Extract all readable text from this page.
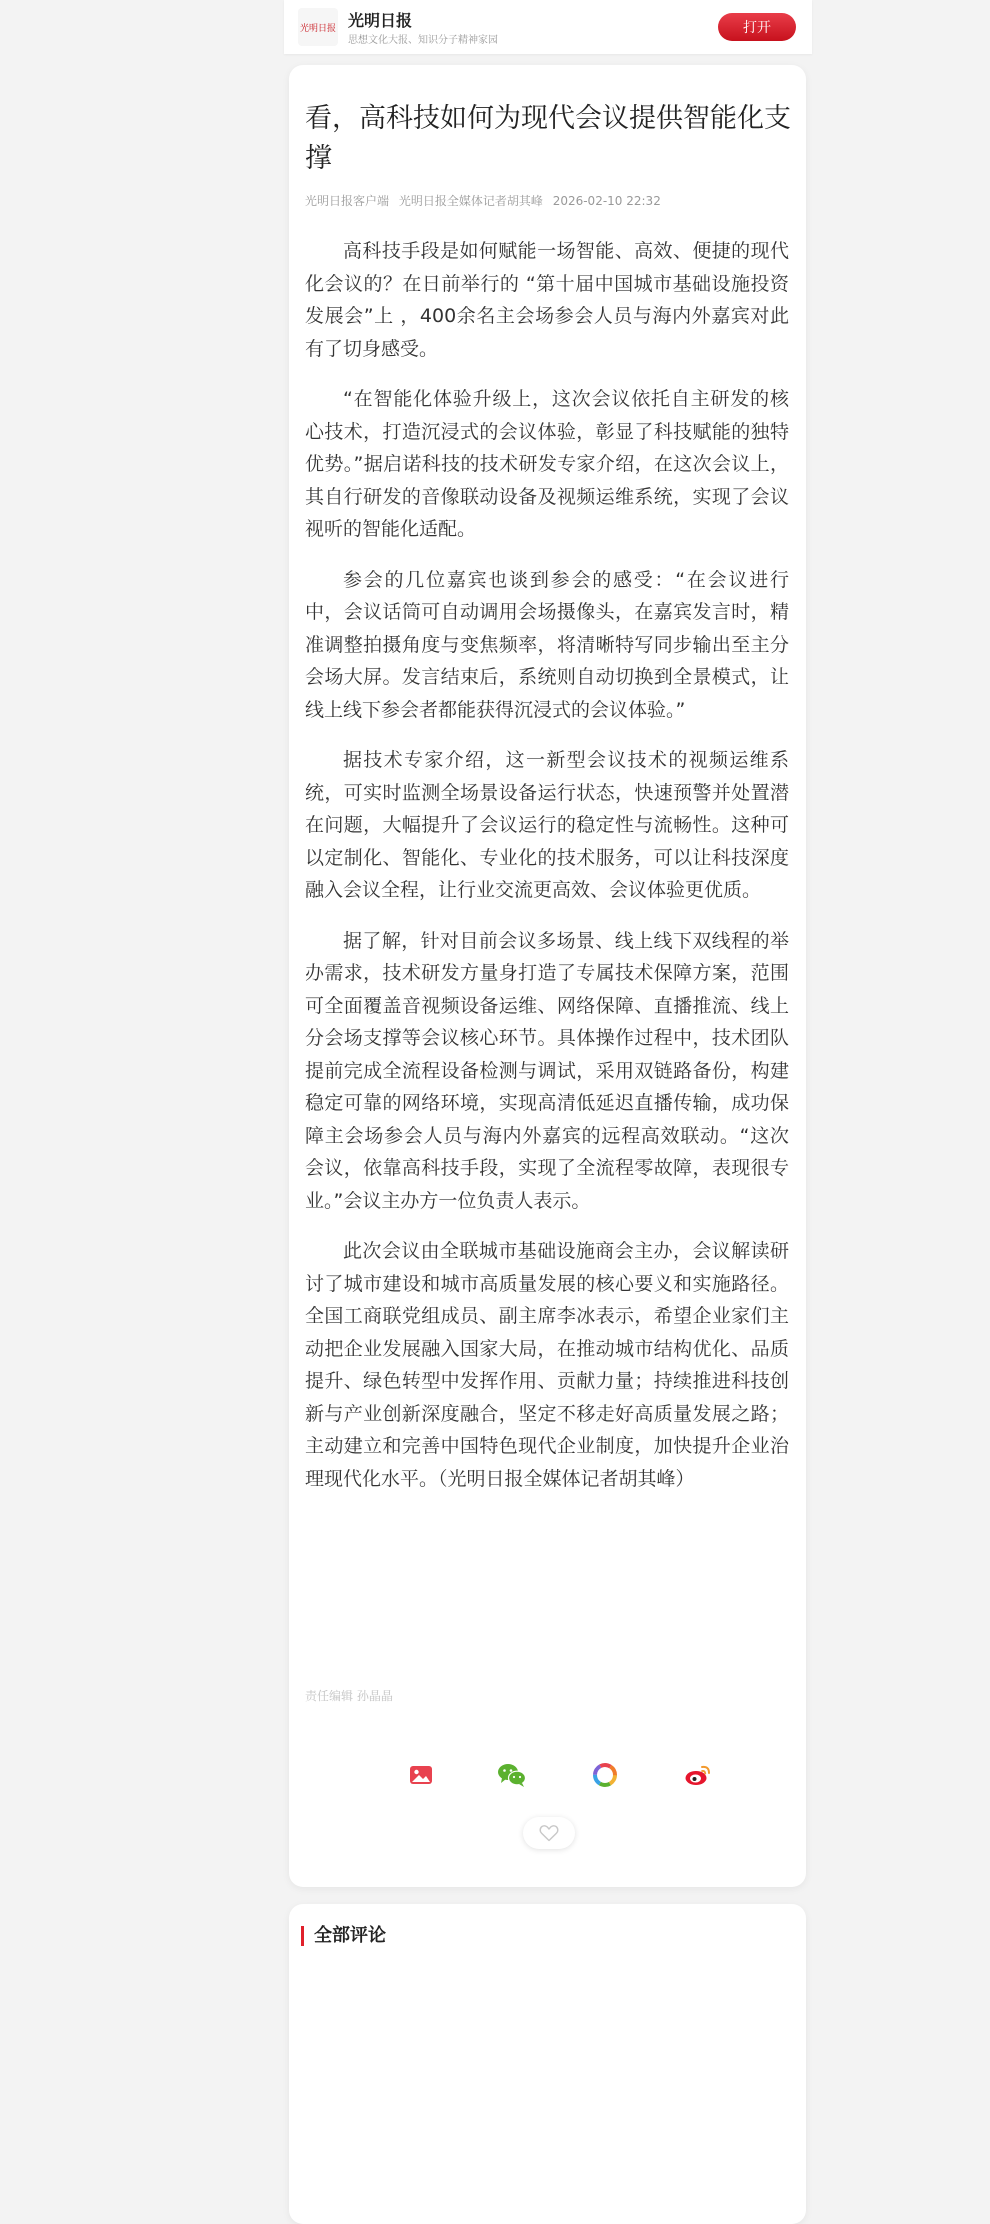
光明日报 光明日报
思想文化大报、知识分子精神家园
打开
看，高科技如何为现代会议提供智能化支撑
光明日报客户端 光明日报全媒体记者胡其峰 2026-02-10 22:32

高科技手段是如何赋能一场智能、高效、便捷的现代化会议的？在日前举行的 “第十届中国城市基础设施投资发展会”上 ，400余名主会场参会人员与海内外嘉宾对此有了切身感受。

“在智能化体验升级上，这次会议依托自主研发的核心技术，打造沉浸式的会议体验，彰显了科技赋能的独特优势。”据启诺科技的技术研发专家介绍，在这次会议上，其自行研发的音像联动设备及视频运维系统，实现了会议视听的智能化适配。

参会的几位嘉宾也谈到参会的感受：“在会议进行中，会议话筒可自动调用会场摄像头，在嘉宾发言时，精准调整拍摄角度与变焦频率，将清晰特写同步输出至主分会场大屏。发言结束后，系统则自动切换到全景模式，让线上线下参会者都能获得沉浸式的会议体验。”

据技术专家介绍，这一新型会议技术的视频运维系统，可实时监测全场景设备运行状态，快速预警并处置潜在问题，大幅提升了会议运行的稳定性与流畅性。这种可以定制化、智能化、专业化的技术服务，可以让科技深度融入会议全程，让行业交流更高效、会议体验更优质。

据了解，针对目前会议多场景、线上线下双线程的举办需求，技术研发方量身打造了专属技术保障方案，范围可全面覆盖音视频设备运维、网络保障、直播推流、线上分会场支撑等会议核心环节。具体操作过程中，技术团队提前完成全流程设备检测与调试，采用双链路备份，构建稳定可靠的网络环境，实现高清低延迟直播传输，成功保障主会场参会人员与海内外嘉宾的远程高效联动。“这次会议，依靠高科技手段，实现了全流程零故障，表现很专业。”会议主办方一位负责人表示。

此次会议由全联城市基础设施商会主办，会议解读研讨了城市建设和城市高质量发展的核心要义和实施路径。全国工商联党组成员、副主席李冰表示，希望企业家们主动把企业发展融入国家大局，在推动城市结构优化、品质提升、绿色转型中发挥作用、贡献力量；持续推进科技创新与产业创新深度融合，坚定不移走好高质量发展之路；主动建立和完善中国特色现代企业制度，加快提升企业治理现代化水平。（光明日报全媒体记者胡其峰）

责任编辑 孙晶晶
全部评论
